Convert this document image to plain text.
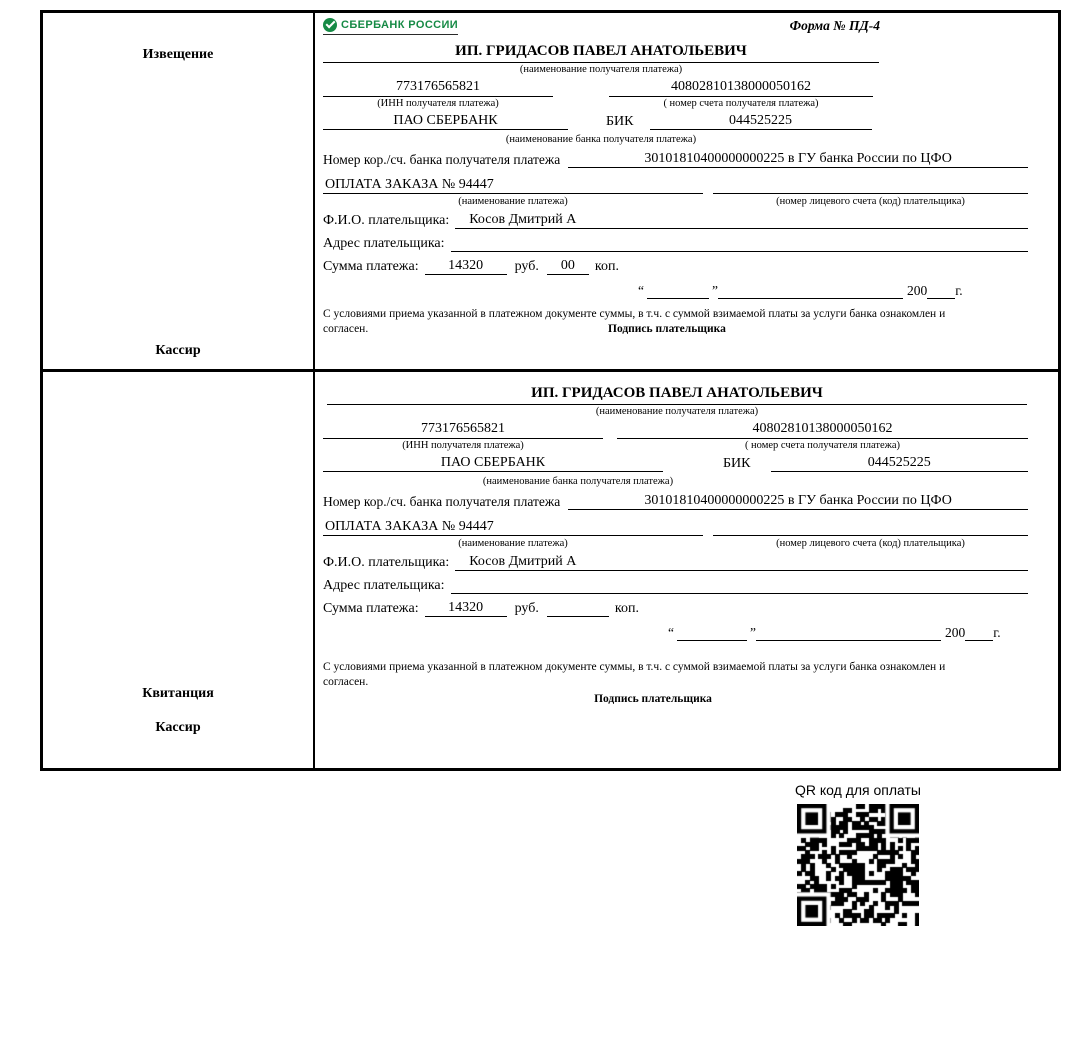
Извещение
Кассир
СБЕРБАНК РОССИИ	Форма № ПД-4
ИП. ГРИДАСОВ ПАВЕЛ АНАТОЛЬЕВИЧ
(наименование получателя платежа)
773176565821
(ИНН получателя платежа)
40802810138000050162
( номер счета получателя платежа)
ПАО СБЕРБАНК	БИК	044525225
(наименование банка получателя платежа)
Номер кор./сч. банка получателя платежа	30101810400000000225 в ГУ банка России по ЦФО
ОПЛАТА ЗАКАЗА № 94447
(наименование платежа)	(номер лицевого счета (код) плательщика)
Ф.И.О. плательщика:	Косов Дмитрий А
Адрес плательщика:
Сумма платежа:	14320	руб.	00	коп.
“	”	200 г.
С условиями приема указанной в платежном документе суммы, в т.ч. с суммой взимаемой платы за услуги банка ознакомлен и согласен.	Подпись плательщика
Квитанция
Кассир
ИП. ГРИДАСОВ ПАВЕЛ АНАТОЛЬЕВИЧ
(наименование получателя платежа)
773176565821
(ИНН получателя платежа)
40802810138000050162
( номер счета получателя платежа)
ПАО СБЕРБАНК	БИК	044525225
(наименование банка получателя платежа)
Номер кор./сч. банка получателя платежа	30101810400000000225 в ГУ банка России по ЦФО
ОПЛАТА ЗАКАЗА № 94447
(наименование платежа)	(номер лицевого счета (код) плательщика)
Ф.И.О. плательщика:	Косов Дмитрий А
Адрес плательщика:
Сумма платежа:	14320	руб.	коп.
“	”	200 г.
С условиями приема указанной в платежном документе суммы, в т.ч. с суммой взимаемой платы за услуги банка ознакомлен и согласен.
Подпись плательщика
QR код для оплаты
